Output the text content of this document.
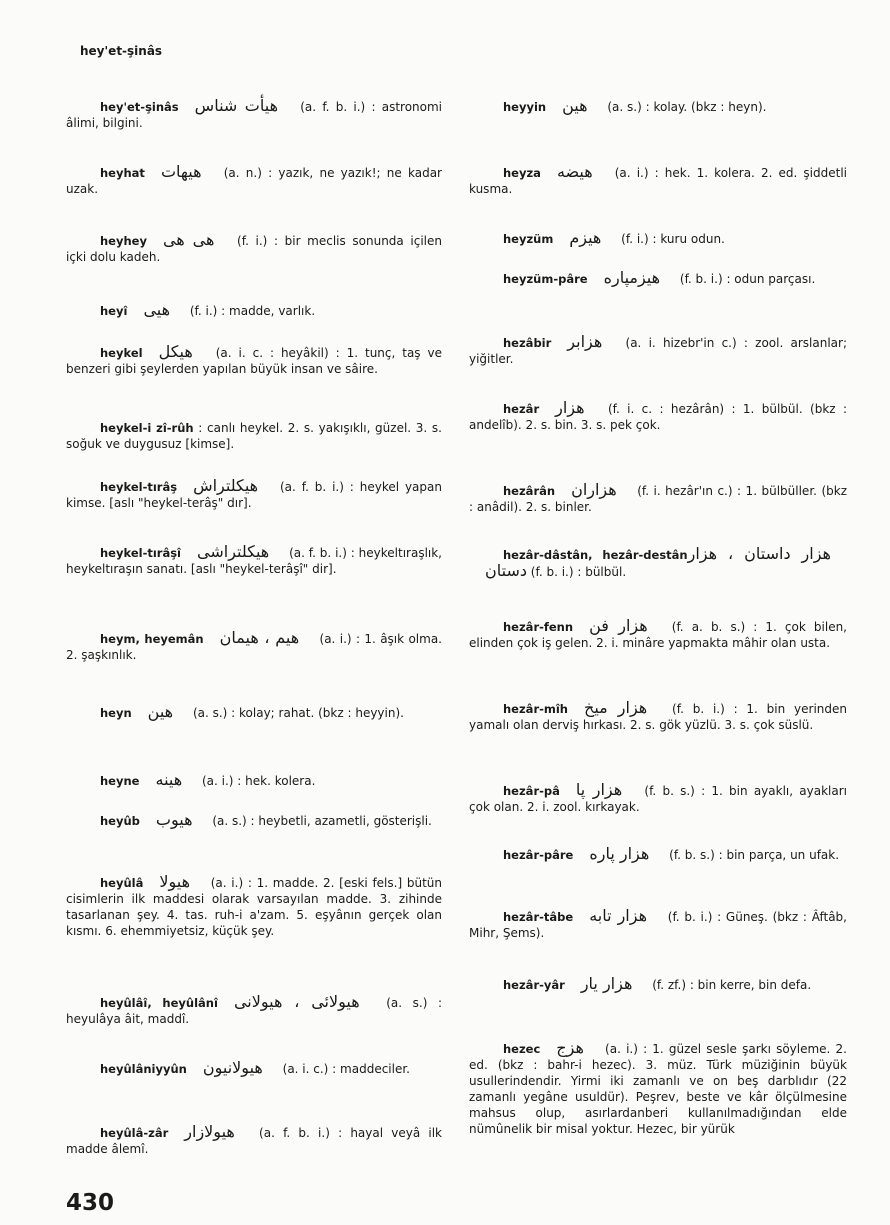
hey'et-şinâs
hey'et-şinâs هیأت شناس (a. f. b. i.) : astronomi âlimi, bilgini.
heyhat هیهات (a. n.) : yazık, ne yazık!; ne kadar uzak.
heyhey هی هی (f. i.) : bir meclis sonunda içilen içki dolu kadeh.
heyî هیی (f. i.) : madde, varlık.
heykel هیکل (a. i. c. : heyâkil) : 1. tunç, taş ve benzeri gibi şeylerden yapılan büyük insan ve sâire.
heykel-i zî-rûh : canlı heykel. 2. s. yakışıklı, güzel. 3. s. soğuk ve duygusuz [kimse].
heykel-tırâş هیکلتراش (a. f. b. i.) : heykel yapan kimse. [aslı "heykel-terâş" dır].
heykel-tırâşî هیکلتراشی (a. f. b. i.) : heykeltıraşlık, heykeltıraşın sanatı. [aslı "heykel-terâşî" dir].
heym, heyemân هیم ، هیمان (a. i.) : 1. âşık olma. 2. şaşkınlık.
heyn هین (a. s.) : kolay; rahat. (bkz : heyyin).
heyne هینه (a. i.) : hek. kolera.
heyûb هیوب (a. s.) : heybetli, azametli, gösterişli.
heyûlâ هیولا (a. i.) : 1. madde. 2. [eski fels.] bütün cisimlerin ilk maddesi olarak varsayılan madde. 3. zihinde tasarlanan şey. 4. tas. ruh-i a'zam. 5. eşyânın gerçek olan kısmı. 6. ehemmiyetsiz, küçük şey.
heyûlâî, heyûlânî هیولائی ، هیولانی (a. s.) : heyulâya âit, maddî.
heyûlâniyyûn هیولانیون (a. i. c.) : maddeciler.
heyûlâ-zâr هیولازار (a. f. b. i.) : hayal veyâ ilk madde âlemî.
heyyin هین (a. s.) : kolay. (bkz : heyn).
heyza هیضه (a. i.) : hek. 1. kolera. 2. ed. şiddetli kusma.
heyzüm هیزم (f. i.) : kuru odun.
heyzüm-pâre هیزمپاره (f. b. i.) : odun parçası.
hezâbir هزابر (a. i. hizebr'in c.) : zool. arslanlar; yiğitler.
hezâr هزار (f. i. c. : hezârân) : 1. bülbül. (bkz : andelîb). 2. s. bin. 3. s. pek çok.
hezârân هزاران (f. i. hezâr'ın c.) : 1. bülbüller. (bkz : anâdil). 2. s. binler.
hezâr-dâstân, hezâr-destânهزار داستان ، هزار دستان (f. b. i.) : bülbül.
hezâr-fenn هزار فن (f. a. b. s.) : 1. çok bilen, elinden çok iş gelen. 2. i. minâre yapmakta mâhir olan usta.
hezâr-mîh هزار میخ (f. b. i.) : 1. bin yerinden yamalı olan derviş hırkası. 2. s. gök yüzlü. 3. s. çok süslü.
hezâr-pâ هزار پا (f. b. s.) : 1. bin ayaklı, ayakları çok olan. 2. i. zool. kırkayak.
hezâr-pâre هزار پاره (f. b. s.) : bin parça, un ufak.
hezâr-tâbe هزار تابه (f. b. i.) : Güneş. (bkz : Âftâb, Mihr, Şems).
hezâr-yâr هزار یار (f. zf.) : bin kerre, bin defa.
hezec هزج (a. i.) : 1. güzel sesle şarkı söyleme. 2. ed. (bkz : bahr-i hezec). 3. müz. Türk müziğinin büyük usullerindendir. Yirmi iki zamanlı ve on beş darblıdır (22 zamanlı yegâne usuldür). Peşrev, beste ve kâr ölçülmesine mahsus olup, asırlardanberi kullanılmadığından elde nümûnelik bir misal yoktur. Hezec, bir yürük
430
